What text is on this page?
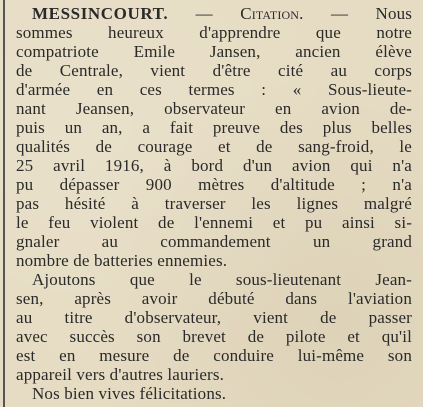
MESSINCOURT. — Citation. — Nous
sommes heureux d'apprendre que notre
compatriote Emile Jansen, ancien élève
de Centrale, vient d'être cité au corps
d'armée en ces termes : « Sous-lieute-
nant Jeansen, observateur en avion de-
puis un an, a fait preuve des plus belles
qualités de courage et de sang-froid, le
25 avril 1916, à bord d'un avion qui n'a
pu dépasser 900 mètres d'altitude ; n'a
pas hésité à traverser les lignes malgré
le feu violent de l'ennemi et pu ainsi si-
gnaler au commandement un grand
nombre de batteries ennemies.
Ajoutons que le sous-lieutenant Jean-
sen, après avoir débuté dans l'aviation
au titre d'observateur, vient de passer
avec succès son brevet de pilote et qu'il
est en mesure de conduire lui-même son
appareil vers d'autres lauriers.
Nos bien vives félicitations.
